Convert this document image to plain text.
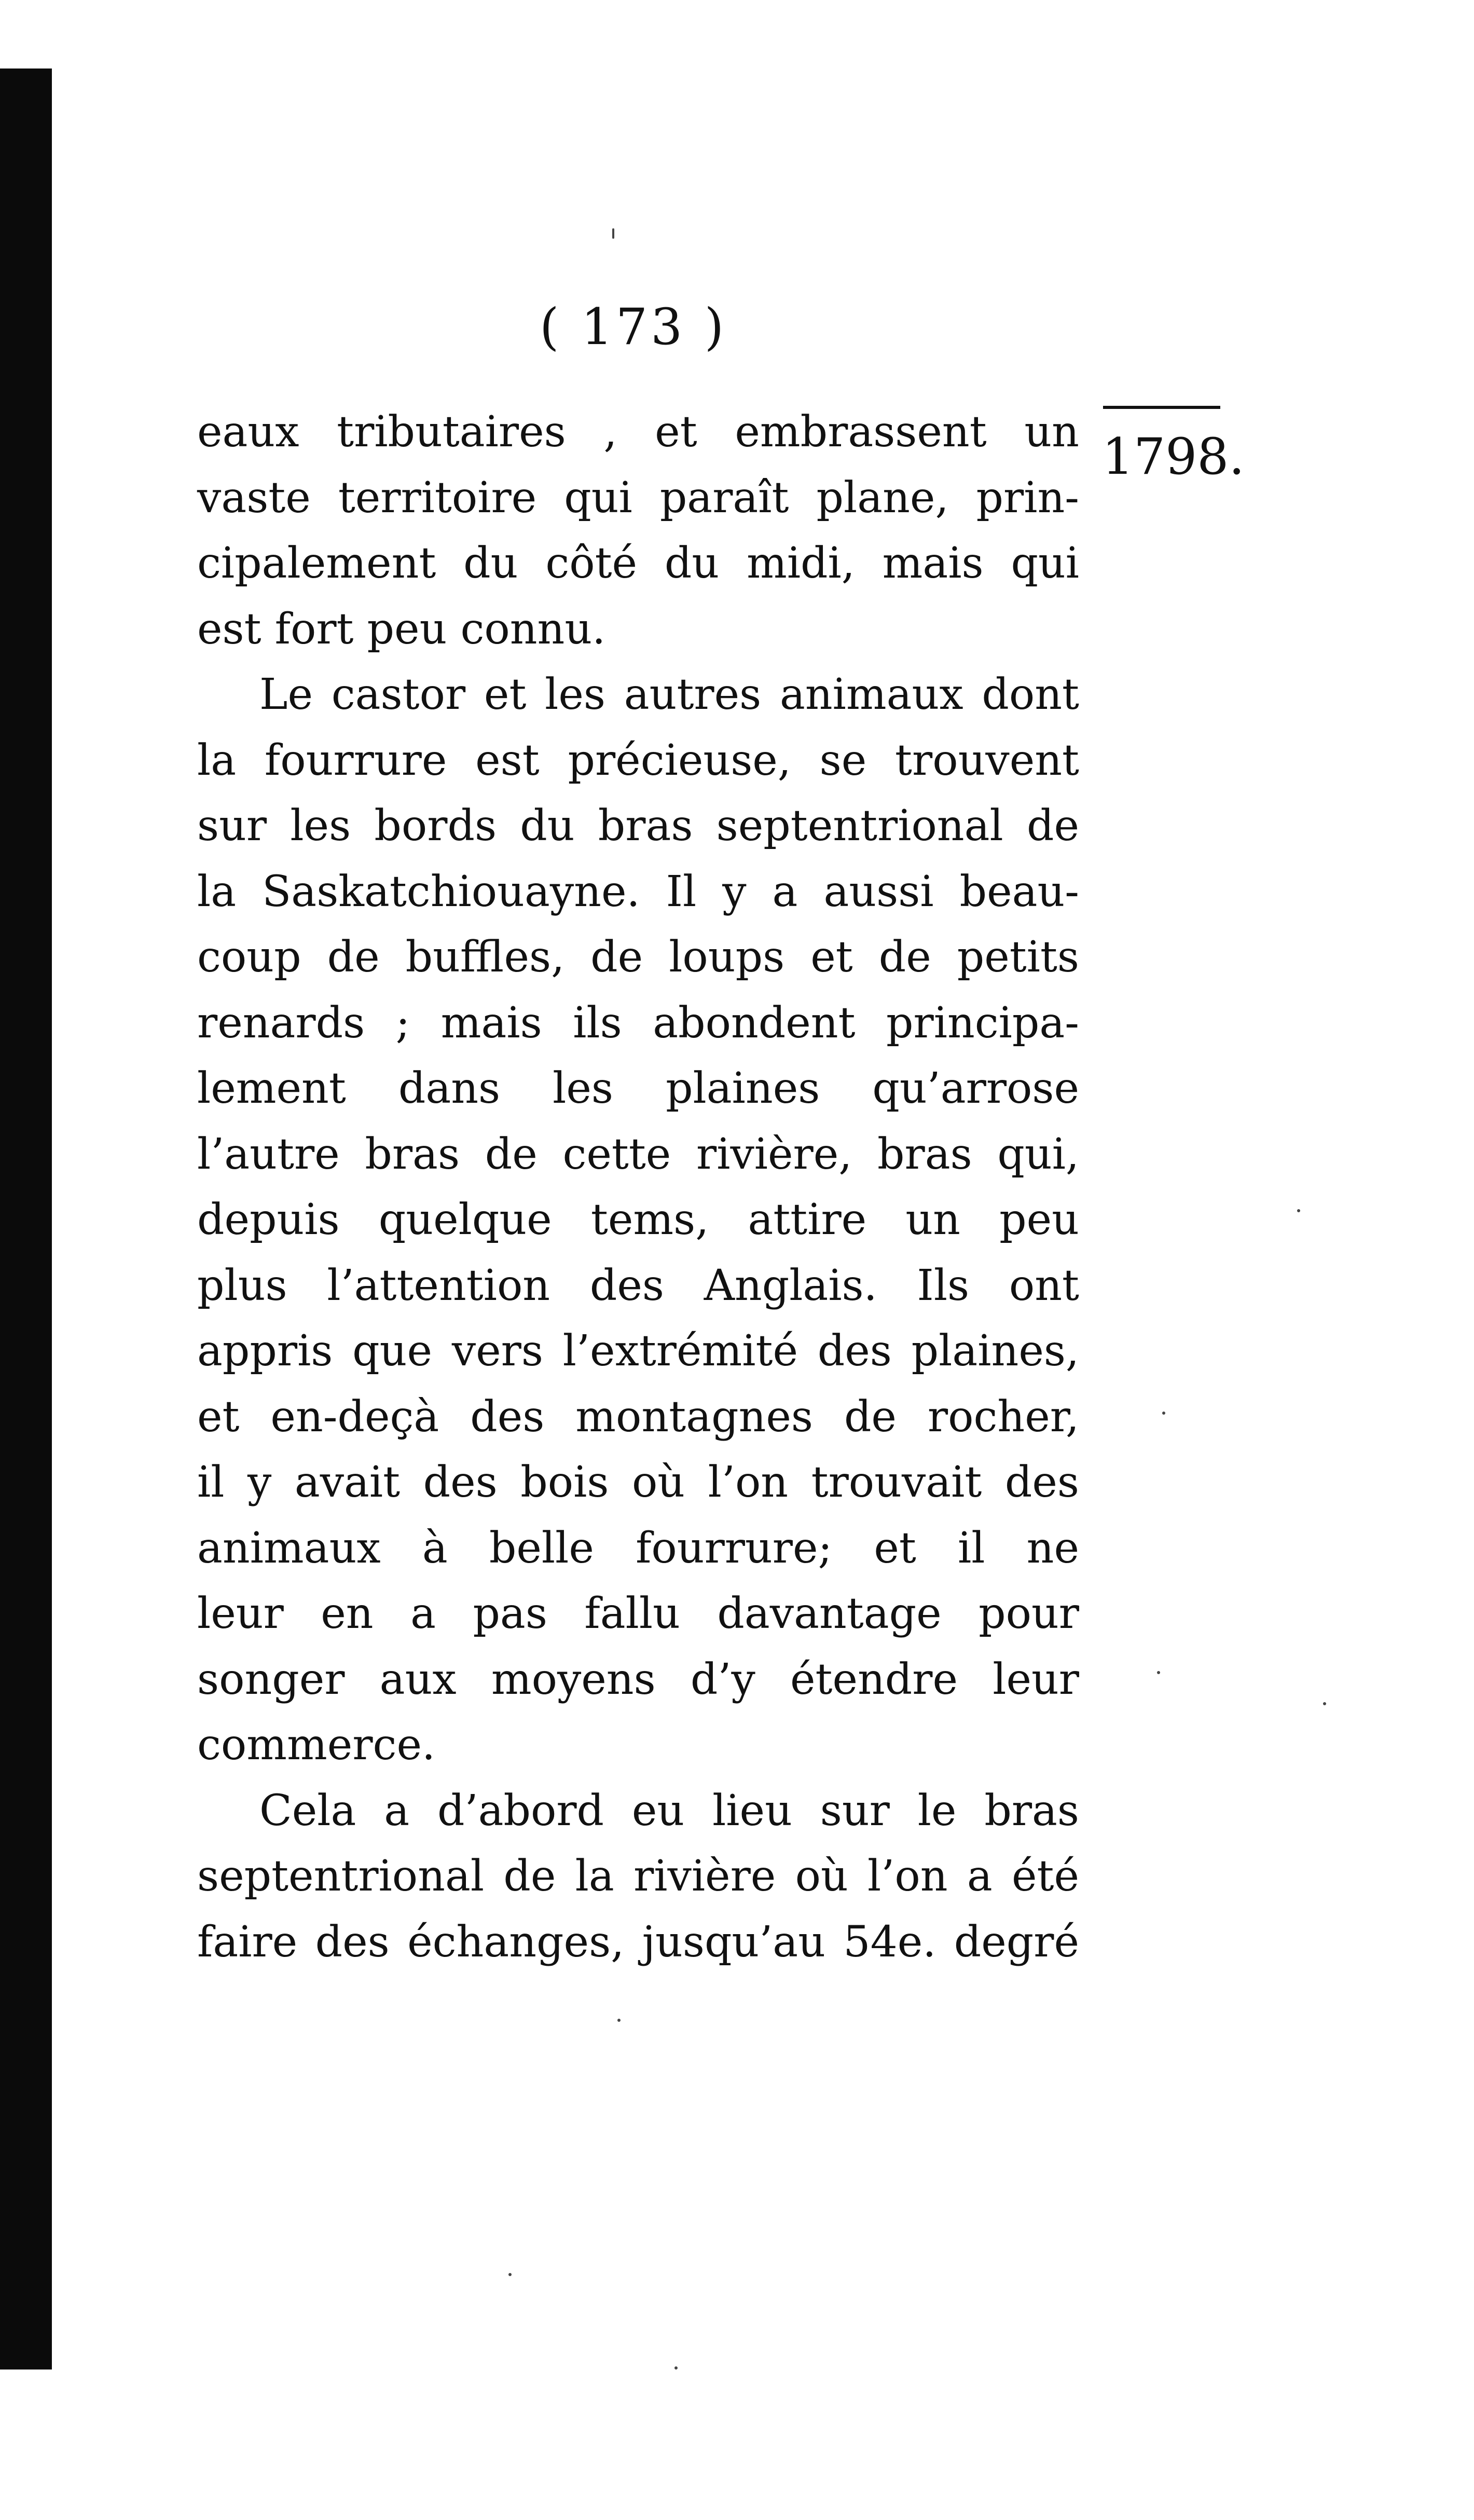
( 173 )
1798.
eaux tributaires , et embrassent un
vaste territoire qui paraît plane, prin-
cipalement du côté du midi, mais qui
est fort peu connu.
Le castor et les autres animaux dont
la fourrure est précieuse, se trouvent
sur les bords du bras septentrional de
la Saskatchiouayne. Il y a aussi beau-
coup de buffles, de loups et de petits
renards ; mais ils abondent principa-
lement dans les plaines qu’arrose
l’autre bras de cette rivière, bras qui,
depuis quelque tems, attire un peu
plus l’attention des Anglais. Ils ont
appris que vers l’extrémité des plaines,
et en-deçà des montagnes de rocher,
il y avait des bois où l’on trouvait des
animaux à belle fourrure; et il ne
leur en a pas fallu davantage pour
songer aux moyens d’y étendre leur
commerce.
Cela a d’abord eu lieu sur le bras
septentrional de la rivière où l’on a été
faire des échanges, jusqu’au 54e. degré
